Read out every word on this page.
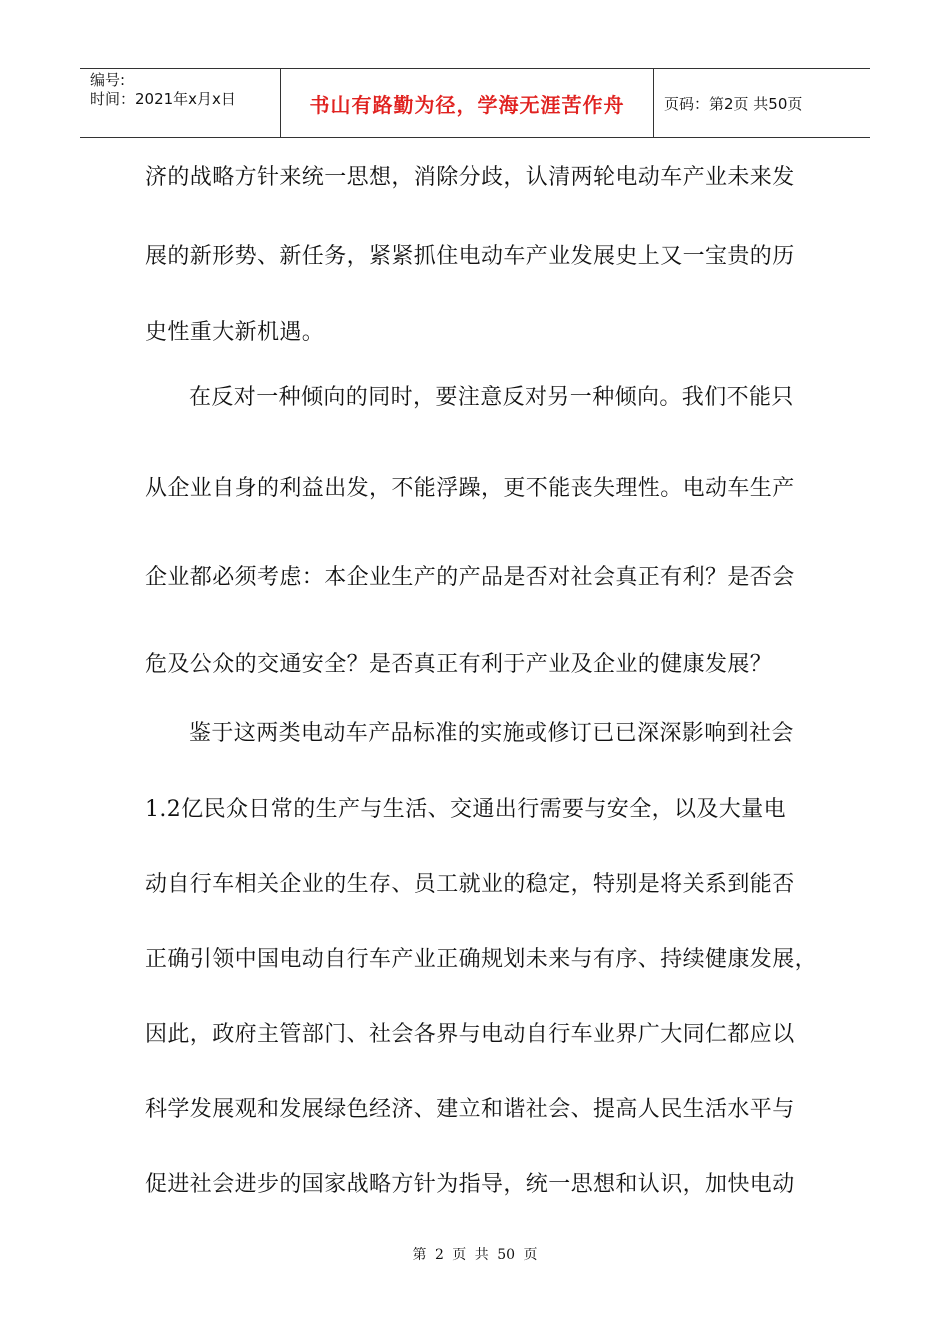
编号:
时间：2021年x月x日	书山有路勤为径，学海无涯苦作舟	页码：第2页 共50页
济的战略方针来统一思想，消除分歧，认清两轮电动车产业未来发
展的新形势、新任务，紧紧抓住电动车产业发展史上又一宝贵的历
史性重大新机遇。
在反对一种倾向的同时，要注意反对另一种倾向。我们不能只
从企业自身的利益出发，不能浮躁，更不能丧失理性。电动车生产
企业都必须考虑：本企业生产的产品是否对社会真正有利？是否会
危及公众的交通安全？是否真正有利于产业及企业的健康发展？
鉴于这两类电动车产品标准的实施或修订已已深深影响到社会
1.2亿民众日常的生产与生活、交通出行需要与安全，以及大量电
动自行车相关企业的生存、员工就业的稳定，特别是将关系到能否
正确引领中国电动自行车产业正确规划未来与有序、持续健康发展，
因此，政府主管部门、社会各界与电动自行车业界广大同仁都应以
科学发展观和发展绿色经济、建立和谐社会、提高人民生活水平与
促进社会进步的国家战略方针为指导，统一思想和认识，加快电动
第 2 页 共 50 页
